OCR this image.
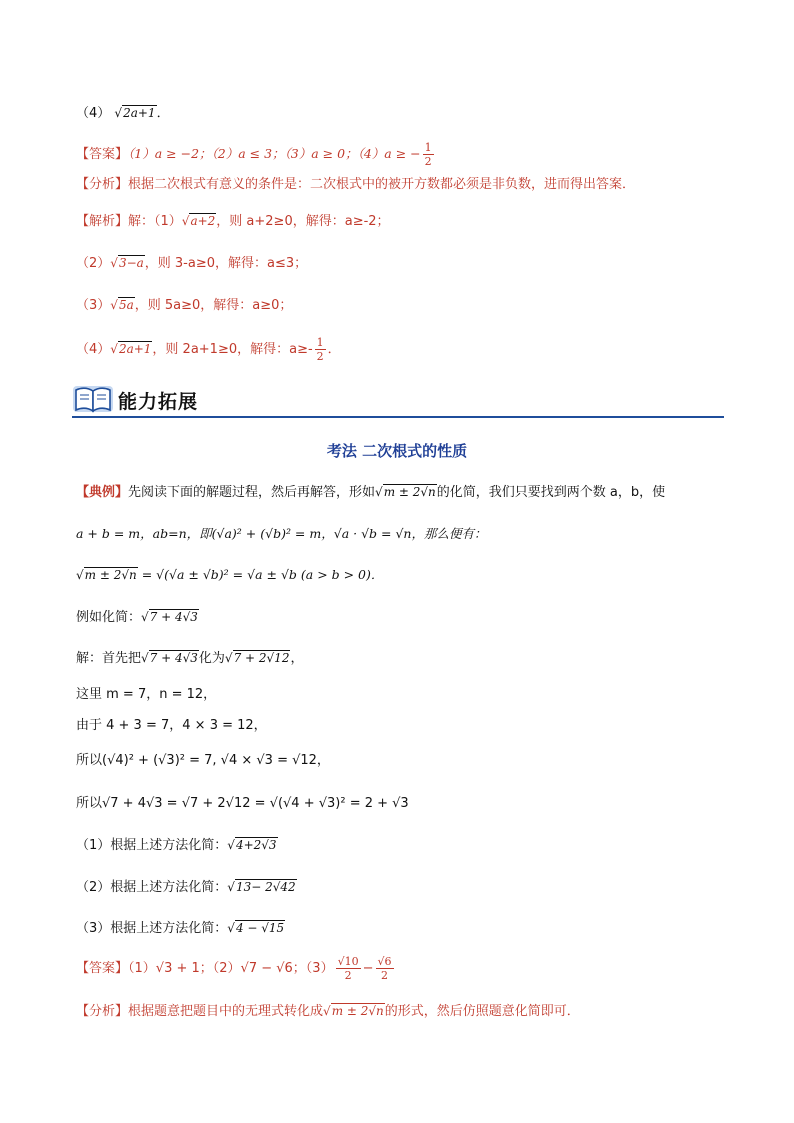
（4） √2a+1．
【答案】（1）a ≥ −2；（2）a ≤ 3；（3）a ≥ 0；（4）a ≥ − $\frac{1}{2}$
【分析】根据二次根式有意义的条件是：二次根式中的被开方数都必须是非负数，进而得出答案．
【解析】解：（1）√a+2，则 a+2≥0，解得：a≥-2；
（2）√3−a，则 3-a≥0，解得：a≤3；
（3）√5a，则 5a≥0，解得：a≥0；
（4）√2a+1，则 2a+1≥0，解得：$a\ge- \frac{1}{2}$ ．
能力拓展
考法 二次根式的性质
【典例】先阅读下面的解题过程，然后再解答，形如√m ± 2√n的化简，我们只要找到两个数 a，b，使
a + b = m，ab=n，即(√a)² + (√b)² = m，√a · √b = √n，那么便有：
√m ± 2√n = √(√a ± √b)² = √a ± √b (a > b > 0)．
例如化简：√7 + 4√3
解：首先把√7 + 4√3化为√7 + 2√12，
这里 m = 7，n = 12，
由于 4 + 3 = 7，4 × 3 = 12，
所以(√4)² + (√3)² = 7, √4 × √3 = √12，
所以√7 + 4√3 = √7 + 2√12 = √(√4 + √3)² = 2 + √3
（1）根据上述方法化简：√4+2√3
（2）根据上述方法化简：√13− 2√42
（3）根据上述方法化简：√4 − √15
【答案】（1）√3 + 1；（2）√7 − √6；$(3) \frac{√10}{2} - \frac{√6}{2}$
【分析】根据题意把题目中的无理式转化成√m ± 2√n的形式，然后仿照题意化简即可．
